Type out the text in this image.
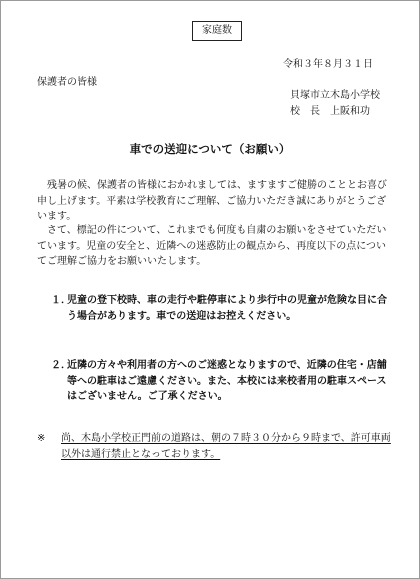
家庭数
令和３年８月３１日
保護者の皆様
貝塚市立木島小学校
校　長　上阪和功
車での送迎について（お願い）

残暑の候、保護者の皆様におかれましては、ますますご健勝のこととお喜び申し上げます。平素は学校教育にご理解、ご協力いただき誠にありがとうございます。

さて、標記の件について、これまでも何度も自粛のお願いをさせていただいています。児童の安全と、近隣への迷惑防止の観点から、再度以下の点についてご理解ご協力をお願いいたします。

１．
児童の登下校時、車の走行や駐停車により歩行中の児童が危険な目に合う場合があります。車での送迎はお控えください。
２．
近隣の方々や利用者の方へのご迷惑となりますので、近隣の住宅・店舗等への駐車はご遠慮ください。また、本校には来校者用の駐車スペースはございません。ご了承ください。
※ 尚、木島小学校正門前の道路は、朝の７時３０分から９時まで、許可車両以外は通行禁止となっております。
